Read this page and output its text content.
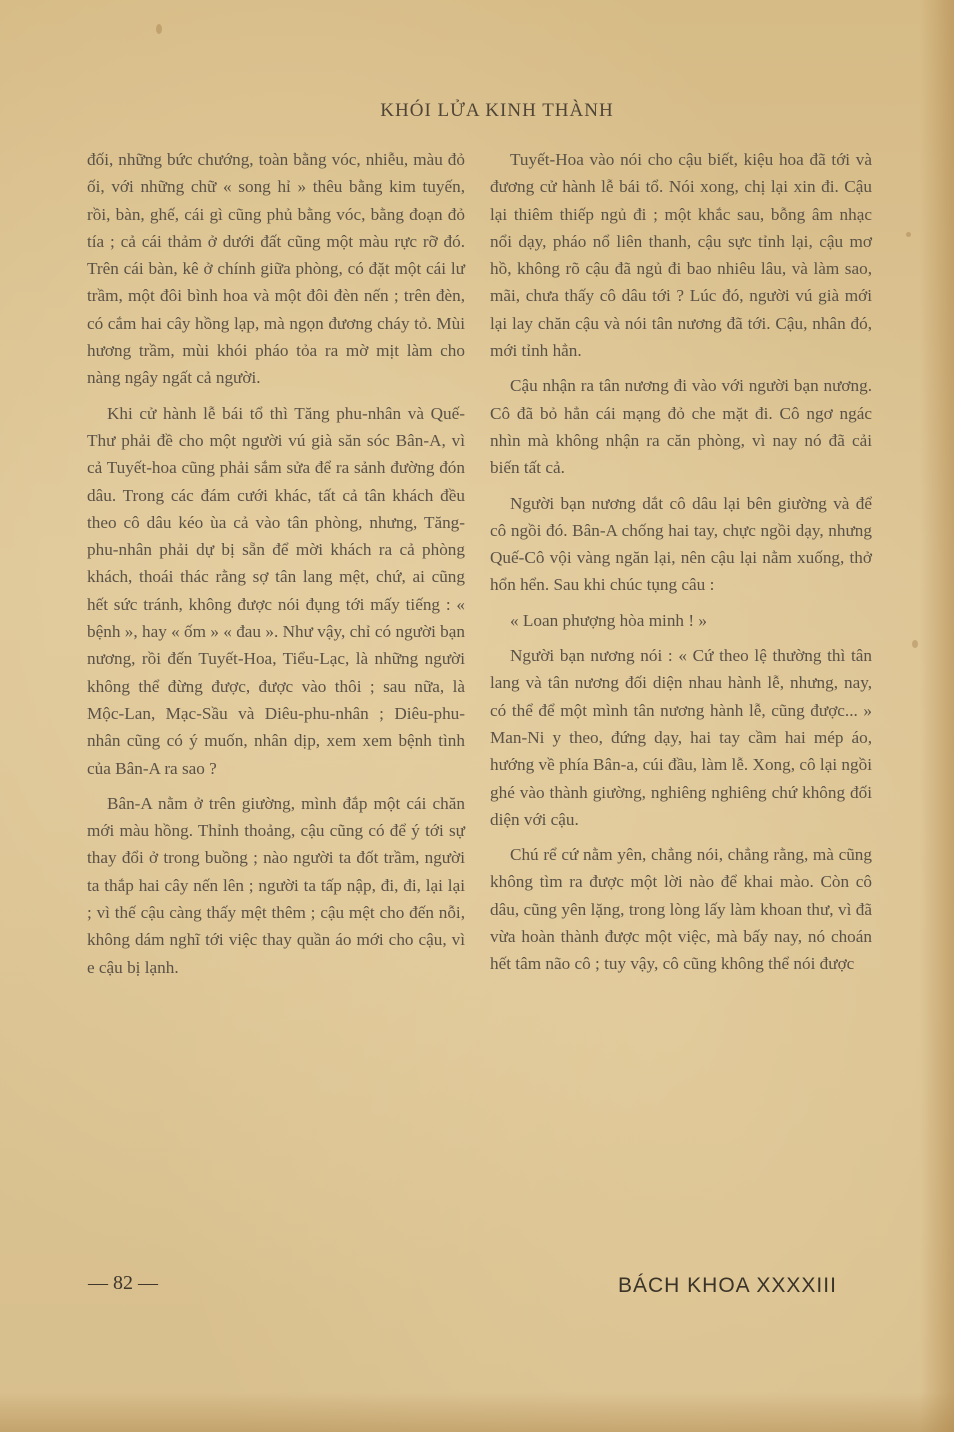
KHÓI LỬA KINH THÀNH

đối, những bức chướng, toàn bằng vóc, nhiễu, màu đỏ ối, với những chữ « song hỉ » thêu bằng kim tuyến, rồi, bàn, ghế, cái gì cũng phủ bằng vóc, bằng đoạn đỏ tía ; cả cái thảm ở dưới đất cũng một màu rực rỡ đó. Trên cái bàn, kê ở chính giữa phòng, có đặt một cái lư trầm, một đôi bình hoa và một đôi đèn nến ; trên đèn, có cắm hai cây hồng lạp, mà ngọn đương cháy tỏ. Mùi hương trầm, mùi khói pháo tỏa ra mờ mịt làm cho nàng ngây ngất cả người.

Khi cử hành lễ bái tổ thì Tăng phu-nhân và Quế-Thư phải đề cho một người vú già săn sóc Bân-A, vì cả Tuyết-hoa cũng phải sắm sửa để ra sảnh đường đón dâu. Trong các đám cưới khác, tất cả tân khách đều theo cô dâu kéo ùa cả vào tân phòng, nhưng, Tăng-phu-nhân phải dự bị sẵn để mời khách ra cả phòng khách, thoái thác rằng sợ tân lang mệt, chứ, ai cũng hết sức tránh, không được nói đụng tới mấy tiếng : « bệnh », hay « ốm » « đau ». Như vậy, chỉ có người bạn nương, rồi đến Tuyết-Hoa, Tiểu-Lạc, là những người không thể đừng được, được vào thôi ; sau nữa, là Mộc-Lan, Mạc-Sầu và Diêu-phu-nhân ; Diêu-phu-nhân cũng có ý muốn, nhân dịp, xem xem bệnh tình của Bân-A ra sao ?

Bân-A nằm ở trên giường, mình đắp một cái chăn mới màu hồng. Thỉnh thoảng, cậu cũng có để ý tới sự thay đổi ở trong buồng ; nào người ta đốt trầm, người ta thắp hai cây nến lên ; người ta tấp nập, đi, đi, lại lại ; vì thế cậu càng thấy mệt thêm ; cậu mệt cho đến nỗi, không dám nghĩ tới việc thay quần áo mới cho cậu, vì e cậu bị lạnh.

Tuyết-Hoa vào nói cho cậu biết, kiệu hoa đã tới và đương cử hành lễ bái tổ. Nói xong, chị lại xin đi. Cậu lại thiêm thiếp ngủ đi ; một khắc sau, bỗng âm nhạc nổi dạy, pháo nổ liên thanh, cậu sực tỉnh lại, cậu mơ hồ, không rõ cậu đã ngủ đi bao nhiêu lâu, và làm sao, mãi, chưa thấy cô dâu tới ? Lúc đó, người vú già mới lại lay chăn cậu và nói tân nương đã tới. Cậu, nhân đó, mới tỉnh hẳn.

Cậu nhận ra tân nương đi vào với người bạn nương. Cô đã bỏ hẳn cái mạng đỏ che mặt đi. Cô ngơ ngác nhìn mà không nhận ra căn phòng, vì nay nó đã cải biến tất cả.

Người bạn nương dắt cô dâu lại bên giường và để cô ngồi đó. Bân-A chống hai tay, chực ngồi dạy, nhưng Quế-Cô vội vàng ngăn lại, nên cậu lại nằm xuống, thở hổn hển. Sau khi chúc tụng câu :

« Loan phượng hòa minh ! »

Người bạn nương nói : « Cứ theo lệ thường thì tân lang và tân nương đối diện nhau hành lễ, nhưng, nay, có thể để một mình tân nương hành lễ, cũng được... » Man-Ni y theo, đứng dạy, hai tay cầm hai mép áo, hướng về phía Bân-a, cúi đầu, làm lễ. Xong, cô lại ngồi ghé vào thành giường, nghiêng nghiêng chứ không đối diện với cậu.

Chú rể cứ nằm yên, chẳng nói, chẳng rằng, mà cũng không tìm ra được một lời nào để khai mào. Còn cô dâu, cũng yên lặng, trong lòng lấy làm khoan thư, vì đã vừa hoàn thành được một việc, mà bấy nay, nó choán hết tâm não cô ; tuy vậy, cô cũng không thể nói được

— 82 —	BÁCH KHOA XXXXIII
